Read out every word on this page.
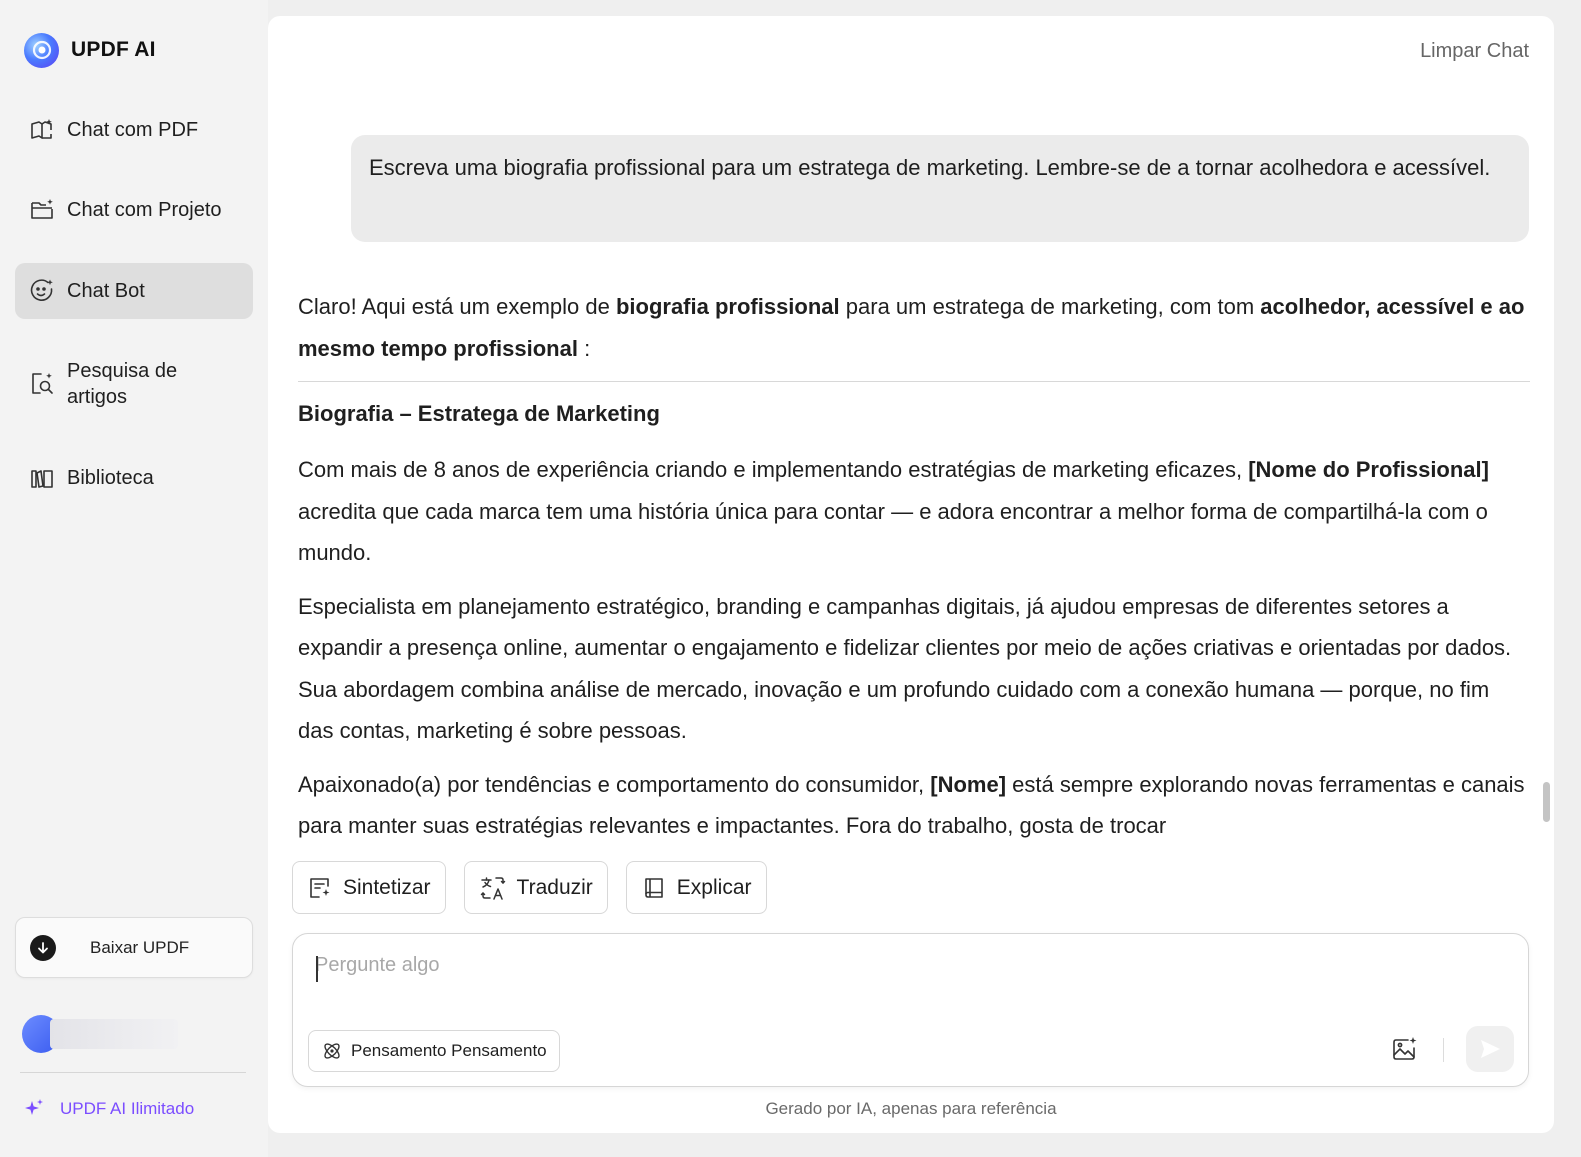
UPDF AI
Chat com PDF
Chat com Projeto
Chat Bot
Pesquisa de artigos
Biblioteca
Baixar UPDF
UPDF AI Ilimitado
Limpar Chat
Escreva uma biografia profissional para um estratega de marketing. Lembre-se de a tornar acolhedora e acessível.

Claro! Aqui está um exemplo de biografia profissional para um estratega de marketing, com tom acolhedor, acessível e ao mesmo tempo profissional :

Biografia – Estratega de Marketing

Com mais de 8 anos de experiência criando e implementando estratégias de marketing eficazes, [Nome do Profissional] acredita que cada marca tem uma história única para contar — e adora encontrar a melhor forma de compartilhá-la com o mundo.

Especialista em planejamento estratégico, branding e campanhas digitais, já ajudou empresas de diferentes setores a expandir a presença online, aumentar o engajamento e fidelizar clientes por meio de ações criativas e orientadas por dados. Sua abordagem combina análise de mercado, inovação e um profundo cuidado com a conexão humana — porque, no fim das contas, marketing é sobre pessoas.

Apaixonado(a) por tendências e comportamento do consumidor, [Nome] está sempre explorando novas ferramentas e canais para manter suas estratégias relevantes e impactantes. Fora do trabalho, gosta de trocar

Sintetizar	Traduzir	Explicar
Pergunte algo
Pensamento Pensamento
Gerado por IA, apenas para referência
